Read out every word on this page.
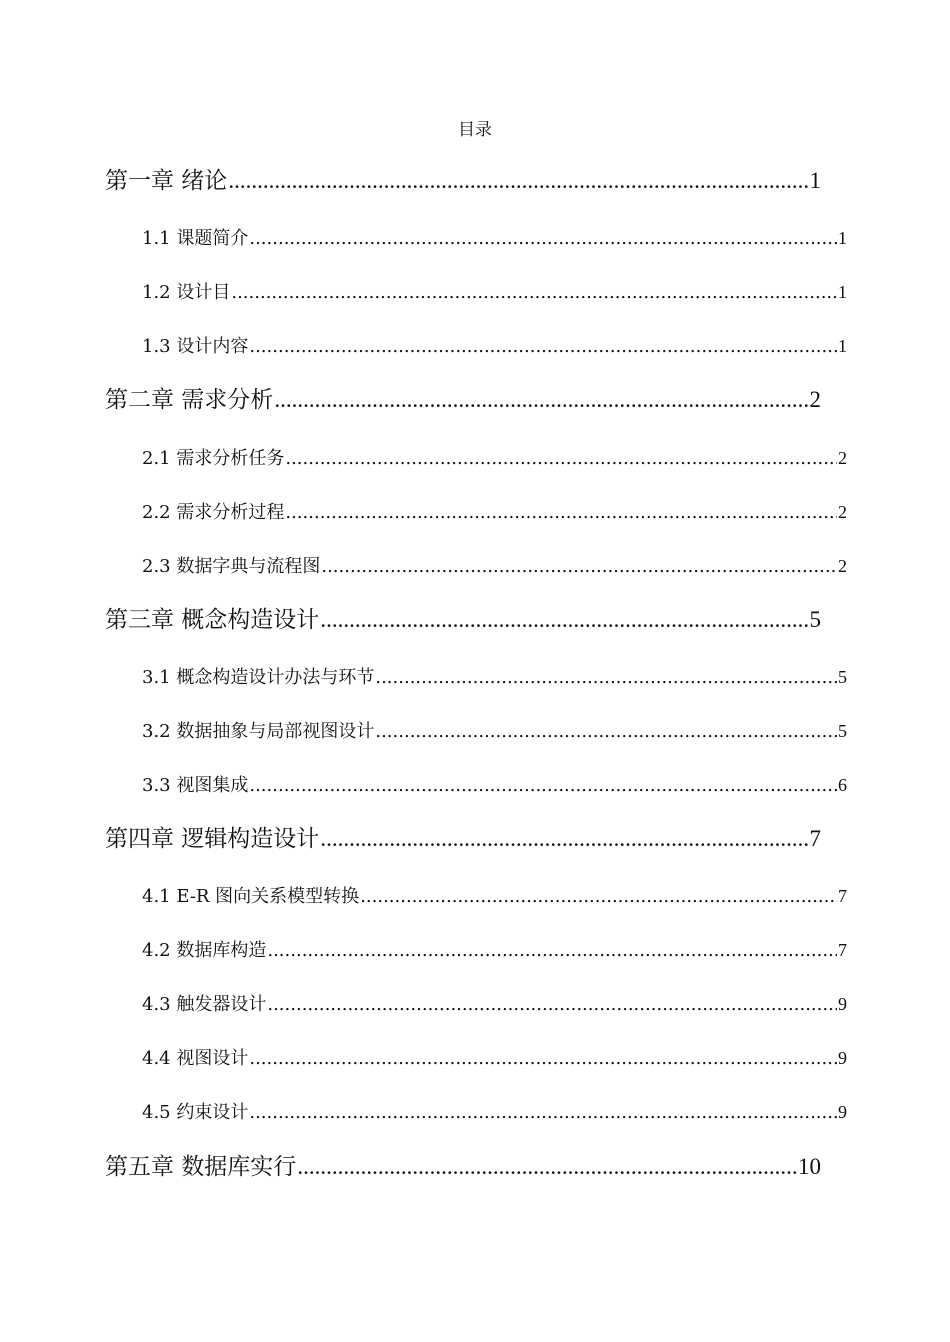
目录
第一章 绪论 .....	1
1.1 课题简介 .....	1
1.2 设计目 .....	1
1.3 设计内容 .....	1
第二章 需求分析 .....	2
2.1 需求分析任务 .....	2
2.2 需求分析过程 .....	2
2.3 数据字典与流程图 .....	2
第三章 概念构造设计 .....	5
3.1 概念构造设计办法与环节 .....	5
3.2 数据抽象与局部视图设计 .....	5
3.3 视图集成 .....	6
第四章 逻辑构造设计 .....	7
4.1 E-R 图向关系模型转换 .....	7
4.2 数据库构造 .....	7
4.3 触发器设计 .....	9
4.4 视图设计 .....	9
4.5 约束设计 .....	9
第五章 数据库实行 .....	10
